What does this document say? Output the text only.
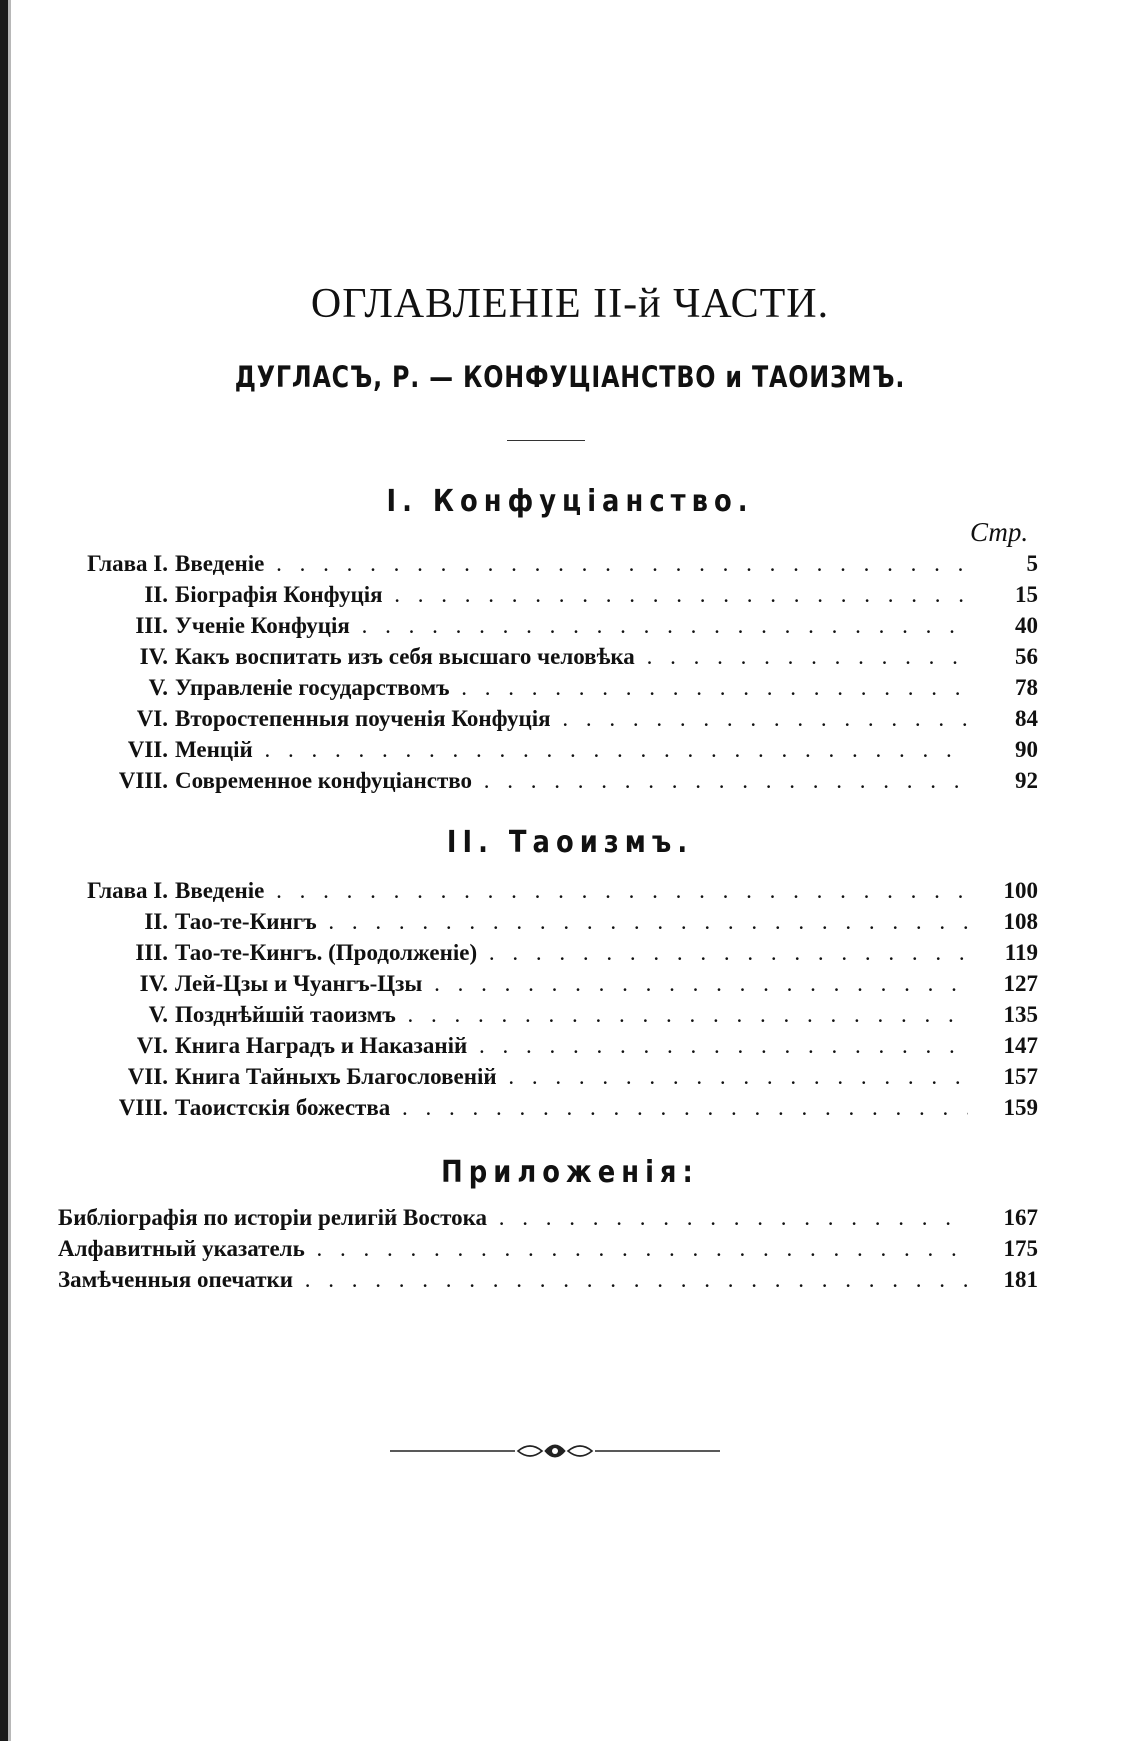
ОГЛАВЛЕНІЕ ІІ-й ЧАСТИ.
ДУГЛАСЪ, Р. — КОНФУЦІАНСТВО и ТАОИЗМЪ.
I. Конфуціанство.
Стр.
Глава I. Введеніе . . .	5
II. Біографія Конфуція . . .	15
III. Ученіе Конфуція . . .	40
IV. Какъ воспитать изъ себя высшаго человѣка . . .	56
V. Управленіе государствомъ . . .	78
VI. Второстепенныя поученія Конфуція . . .	84
VII. Менцій . . .	90
VIII. Современное конфуціанство . . .	92
II. Таоизмъ.
Глава I. Введеніе . . .	100
II. Тао-те-Кингъ . . .	108
III. Тао-те-Кингъ. (Продолженіе) . . .	119
IV. Лей-Цзы и Чуангъ-Цзы . . .	127
V. Позднѣйшій таоизмъ . . .	135
VI. Книга Наградъ и Наказаній . . .	147
VII. Книга Тайныхъ Благословеній . . .	157
VIII. Таоистскія божества . . .	159
Приложенія:
Библіографія по исторіи религій Востока . . .	167
Алфавитный указатель . . .	175
Замѣченныя опечатки . . .	181
